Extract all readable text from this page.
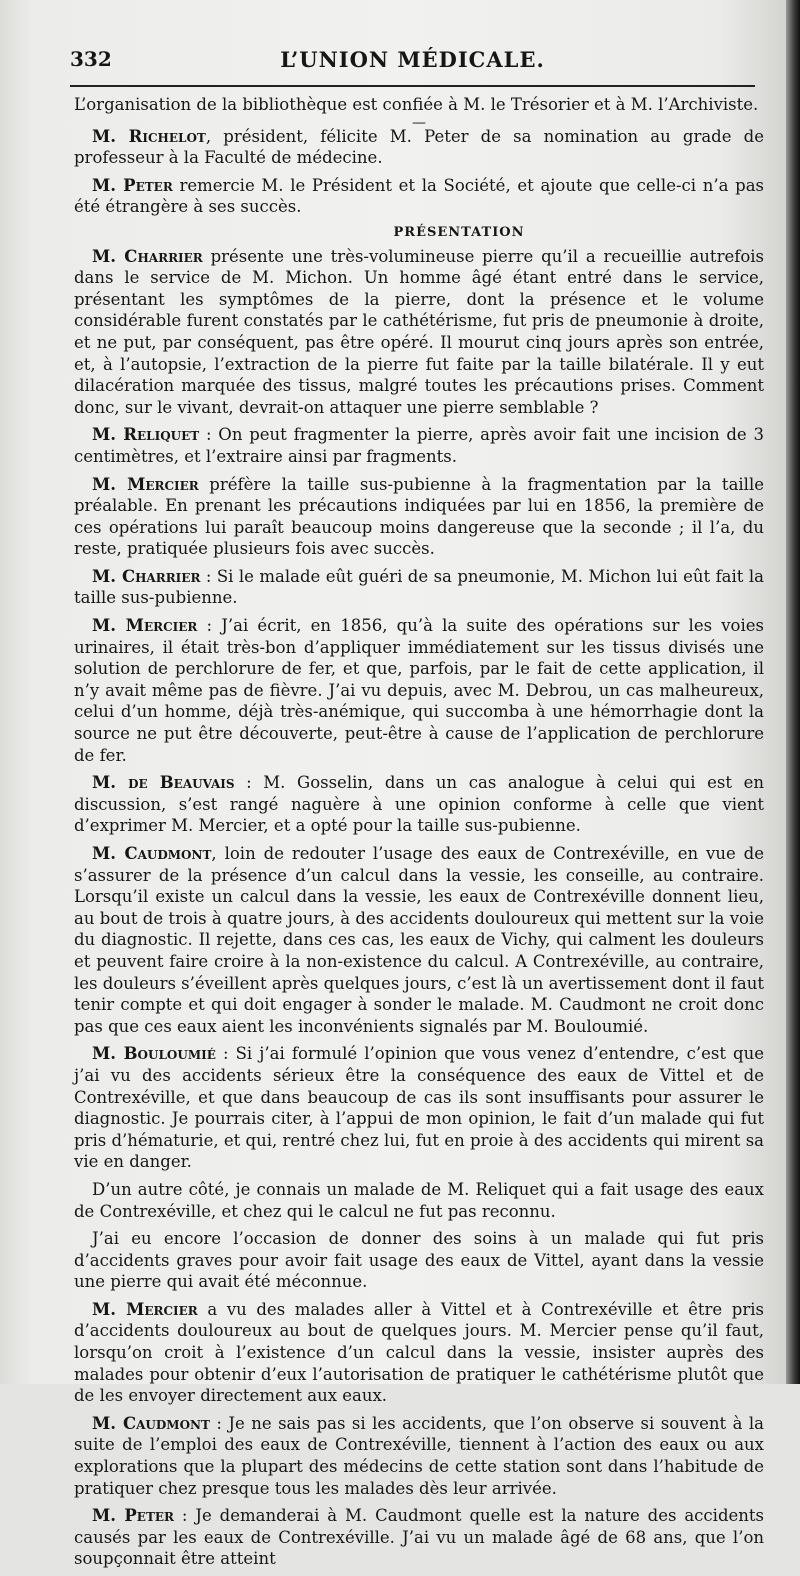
332	L’UNION MÉDICALE.

L’organisation de la bibliothèque est confiée à M. le Trésorier et à M. l’Archiviste.

—

M. Richelot, président, félicite M. Peter de sa nomination au grade de professeur à la Faculté de médecine.

M. Peter remercie M. le Président et la Société, et ajoute que celle-ci n’a pas été étrangère à ses succès.

PRÉSENTATION

M. Charrier présente une très-volumineuse pierre qu’il a recueillie autrefois dans le service de M. Michon. Un homme âgé étant entré dans le service, présentant les symptômes de la pierre, dont la présence et le volume considérable furent constatés par le cathétérisme, fut pris de pneumonie à droite, et ne put, par conséquent, pas être opéré. Il mourut cinq jours après son entrée, et, à l’autopsie, l’extraction de la pierre fut faite par la taille bilatérale. Il y eut dilacération marquée des tissus, malgré toutes les précautions prises. Comment donc, sur le vivant, devrait-on attaquer une pierre semblable ?

M. Reliquet : On peut fragmenter la pierre, après avoir fait une incision de 3 centimètres, et l’extraire ainsi par fragments.

M. Mercier préfère la taille sus-pubienne à la fragmentation par la taille préalable. En prenant les précautions indiquées par lui en 1856, la première de ces opérations lui paraît beaucoup moins dangereuse que la seconde ; il l’a, du reste, pratiquée plusieurs fois avec succès.

M. Charrier : Si le malade eût guéri de sa pneumonie, M. Michon lui eût fait la taille sus-pubienne.

M. Mercier : J’ai écrit, en 1856, qu’à la suite des opérations sur les voies urinaires, il était très-bon d’appliquer immédiatement sur les tissus divisés une solution de perchlorure de fer, et que, parfois, par le fait de cette application, il n’y avait même pas de fièvre. J’ai vu depuis, avec M. Debrou, un cas malheureux, celui d’un homme, déjà très-anémique, qui succomba à une hémorrhagie dont la source ne put être découverte, peut-être à cause de l’application de perchlorure de fer.

M. de Beauvais : M. Gosselin, dans un cas analogue à celui qui est en discussion, s’est rangé naguère à une opinion conforme à celle que vient d’exprimer M. Mercier, et a opté pour la taille sus-pubienne.

M. Caudmont, loin de redouter l’usage des eaux de Contrexéville, en vue de s’assurer de la présence d’un calcul dans la vessie, les conseille, au contraire. Lorsqu’il existe un calcul dans la vessie, les eaux de Contrexéville donnent lieu, au bout de trois à quatre jours, à des accidents douloureux qui mettent sur la voie du diagnostic. Il rejette, dans ces cas, les eaux de Vichy, qui calment les douleurs et peuvent faire croire à la non-existence du calcul. A Contrexéville, au contraire, les douleurs s’éveillent après quelques jours, c’est là un avertissement dont il faut tenir compte et qui doit engager à sonder le malade. M. Caudmont ne croit donc pas que ces eaux aient les inconvénients signalés par M. Bouloumié.

M. Bouloumié : Si j’ai formulé l’opinion que vous venez d’entendre, c’est que j’ai vu des accidents sérieux être la conséquence des eaux de Vittel et de Contrexéville, et que dans beaucoup de cas ils sont insuffisants pour assurer le diagnostic. Je pourrais citer, à l’appui de mon opinion, le fait d’un malade qui fut pris d’hématurie, et qui, rentré chez lui, fut en proie à des accidents qui mirent sa vie en danger.

D’un autre côté, je connais un malade de M. Reliquet qui a fait usage des eaux de Contrexéville, et chez qui le calcul ne fut pas reconnu.

J’ai eu encore l’occasion de donner des soins à un malade qui fut pris d’accidents graves pour avoir fait usage des eaux de Vittel, ayant dans la vessie une pierre qui avait été méconnue.

M. Mercier a vu des malades aller à Vittel et à Contrexéville et être pris d’accidents douloureux au bout de quelques jours. M. Mercier pense qu’il faut, lorsqu’on croit à l’existence d’un calcul dans la vessie, insister auprès des malades pour obtenir d’eux l’autorisation de pratiquer le cathétérisme plutôt que de les envoyer directement aux eaux.

M. Caudmont : Je ne sais pas si les accidents, que l’on observe si souvent à la suite de l’emploi des eaux de Contrexéville, tiennent à l’action des eaux ou aux explorations que la plupart des médecins de cette station sont dans l’habitude de pratiquer chez presque tous les malades dès leur arrivée.

M. Peter : Je demanderai à M. Caudmont quelle est la nature des accidents causés par les eaux de Contrexéville. J’ai vu un malade âgé de 68 ans, que l’on soupçonnait être atteint
